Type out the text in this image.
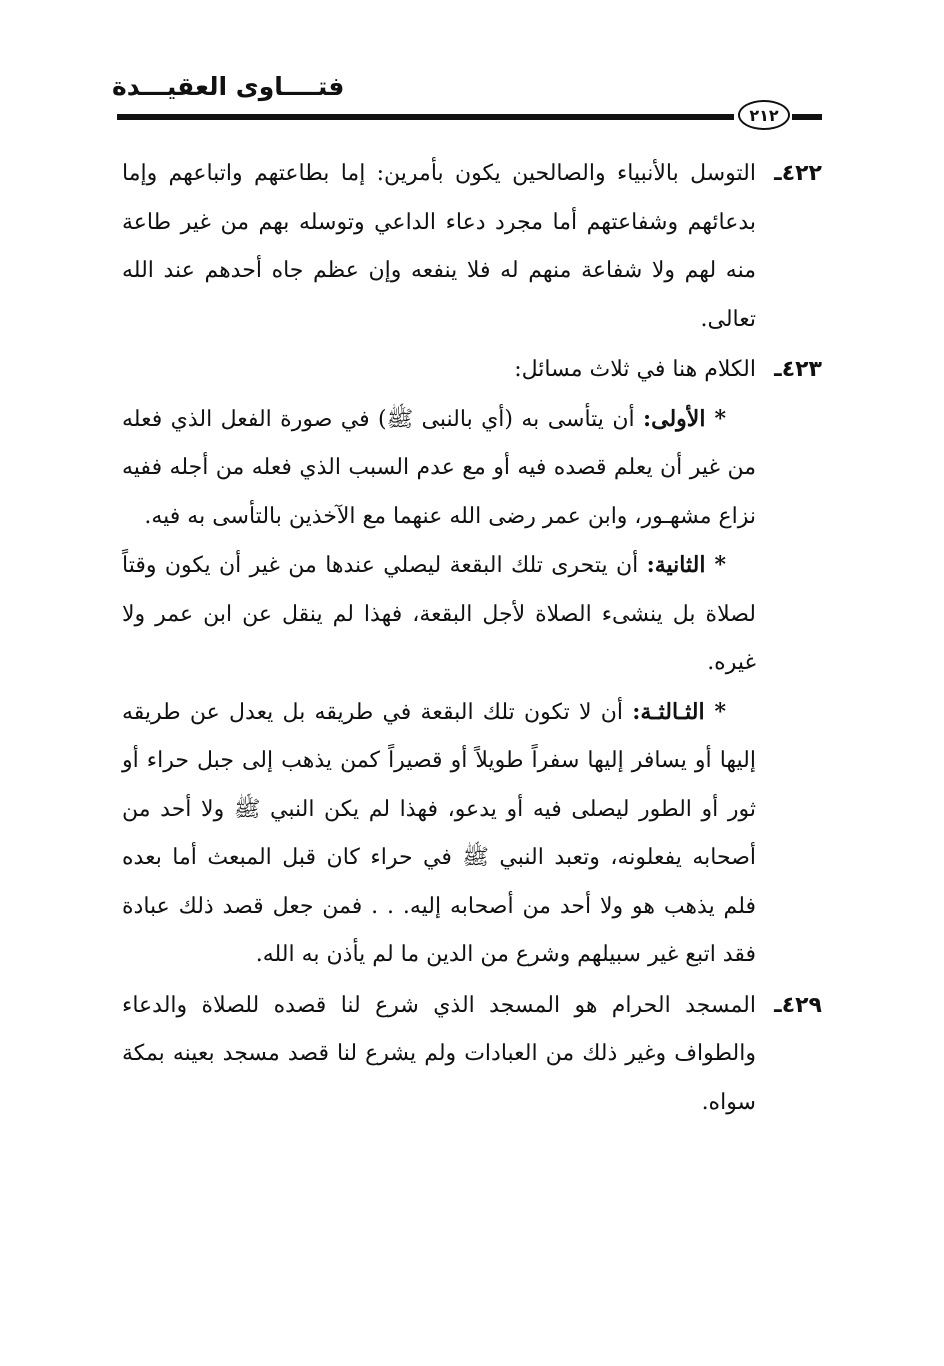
فتــــاوى العقيـــدة
٢١٢
٤٢٢ـ

التوسل بالأنبياء والصالحين يكون بأمرين: إما بطاعتهم واتباعهم وإما بدعائهم وشفاعتهم أما مجرد دعاء الداعي وتوسله بهم من غير طاعة منه لهم ولا شفاعة منهم له فلا ينفعه وإن عظم جاه أحدهم عند الله تعالى.

٤٢٣ـ

الكلام هنا في ثلاث مسائل:

* الأولى: أن يتأسى به (أي بالنبى ﷺ) في صورة الفعل الذي فعله من غير أن يعلم قصده فيه أو مع عدم السبب الذي فعله من أجله ففيه نزاع مشهـور، وابن عمر رضى الله عنهما مع الآخذين بالتأسى به فيه.

* الثانية: أن يتحرى تلك البقعة ليصلي عندها من غير أن يكون وقتاً لصلاة بل ينشىء الصلاة لأجل البقعة، فهذا لم ينقل عن ابن عمر ولا غيره.

* الثـالثـة: أن لا تكون تلك البقعة في طريقه بل يعدل عن طريقه إليها أو يسافر إليها سفراً طويلاً أو قصيراً كمن يذهب إلى جبل حراء أو ثور أو الطور ليصلى فيه أو يدعو، فهذا لم يكن النبي ﷺ ولا أحد من أصحابه يفعلونه، وتعبد النبي ﷺ في حراء كان قبل المبعث أما بعده فلم يذهب هو ولا أحد من أصحابه إليه. . . فمن جعل قصد ذلك عبادة فقد اتبع غير سبيلهم وشرع من الدين ما لم يأذن به الله.

٤٢٩ـ

المسجد الحرام هو المسجد الذي شرع لنا قصده للصلاة والدعاء والطواف وغير ذلك من العبادات ولم يشرع لنا قصد مسجد بعينه بمكة سواه.
